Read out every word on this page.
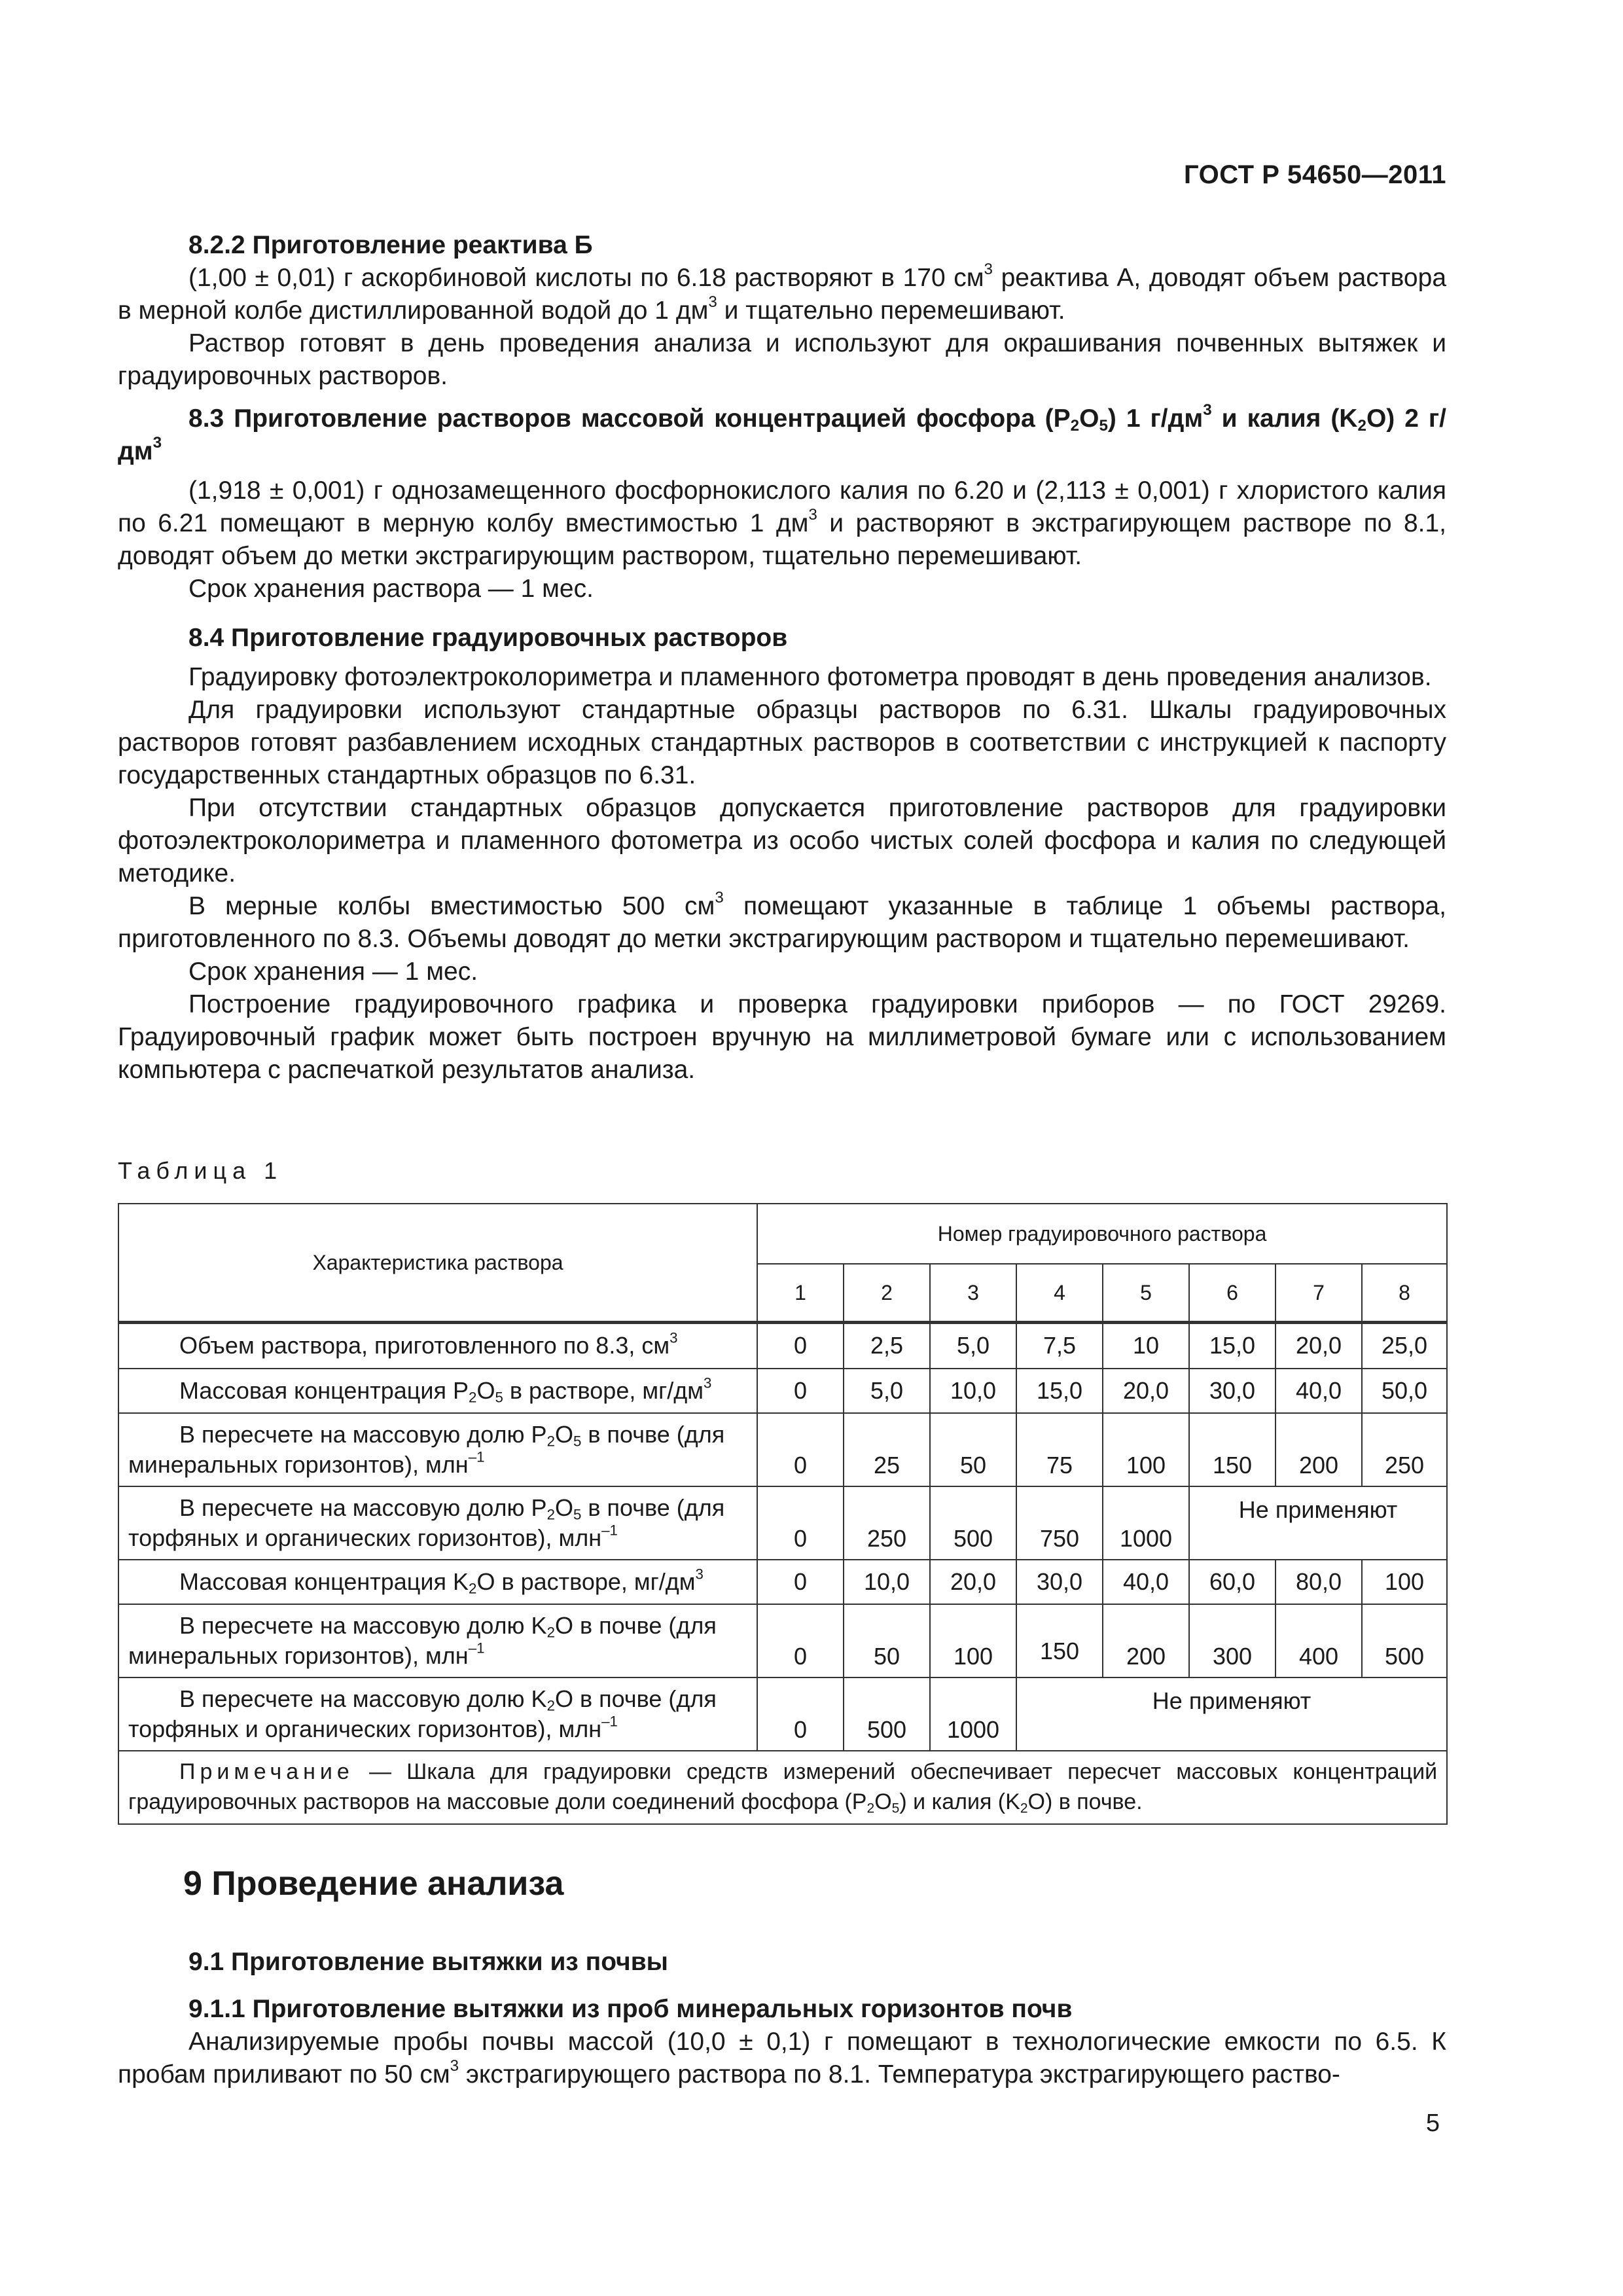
ГОСТ Р 54650—2011

8.2.2 Приготовление реактива Б

(1,00 ± 0,01) г аскорбиновой кислоты по 6.18 растворяют в 170 $см^3$ реактива А, доводят объем раствора в мерной колбе дистиллированной водой до 1 $дм^3$ и тщательно перемешивают.

Раствор готовят в день проведения анализа и используют для окрашивания почвенных вытяжек и градуировочных растворов.

8.3 Приготовление растворов массовой концентрацией фосфора $(P_2O_5)$ 1 $г/дм^3$ и калия $(K_2O)$ 2 $г/дм^3$

(1,918 ± 0,001) г однозамещенного фосфорнокислого калия по 6.20 и (2,113 ± 0,001) г хлористого калия по 6.21 помещают в мерную колбу вместимостью 1 $дм^3$ и растворяют в экстрагирующем растворе по 8.1, доводят объем до метки экстрагирующим раствором, тщательно перемешивают.

Срок хранения раствора — 1 мес.

8.4 Приготовление градуировочных растворов

Градуировку фотоэлектроколориметра и пламенного фотометра проводят в день проведения анализов.

Для градуировки используют стандартные образцы растворов по 6.31. Шкалы градуировочных растворов готовят разбавлением исходных стандартных растворов в соответствии с инструкцией к паспорту государственных стандартных образцов по 6.31.

При отсутствии стандартных образцов допускается приготовление растворов для градуировки фотоэлектроколориметра и пламенного фотометра из особо чистых солей фосфора и калия по следующей методике.

В мерные колбы вместимостью 500 $см^3$ помещают указанные в таблице 1 объемы раствора, приготовленного по 8.3. Объемы доводят до метки экстрагирующим раствором и тщательно перемешивают.

Срок хранения — 1 мес.

Построение градуировочного графика и проверка градуировки приборов — по ГОСТ 29269. Градуировочный график может быть построен вручную на миллиметровой бумаге или с использованием компьютера с распечаткой результатов анализа.

Таблица 1
Характеристика раствора	Номер градуировочного раствора							
	1	2	3	4	5	6	7	8
Объем раствора, приготовленного по 8.3, $см^3$	0	2,5	5,0	7,5	10	15,0	20,0	25,0
Массовая концентрация $P_2O_5$ в растворе, $мг/дм^3$	0	5,0	10,0	15,0	20,0	30,0	40,0	50,0
В пересчете на массовую долю $P_2O_5$ в почве (для минеральных горизонтов), млн$^{-1}$	0	25	50	75	100	150	200	250
В пересчете на массовую долю $P_2O_5$ в почве (для торфяных и органических горизонтов), млн$^{-1}$	0	250	500	750	1000	Не применяют		
Массовая концентрация $K_2O$ в растворе, $мг/дм^3$	0	10,0	20,0	30,0	40,0	60,0	80,0	100
В пересчете на массовую долю $K_2O$ в почве (для минеральных горизонтов), млн$^{-1}$	0	50	100	150	200	300	400	500
В пересчете на массовую долю $K_2O$ в почве (для торфяных и органических горизонтов), млн$^{-1}$	0	500	1000	Не применяют				
Примечание — Шкала для градуировки средств измерений обеспечивает пересчет массовых концентраций градуировочных растворов на массовые доли соединений фосфора $(P_2O_5)$ и калия $(K_2O)$ в почве.								
9 Проведение анализа

9.1 Приготовление вытяжки из почвы

9.1.1 Приготовление вытяжки из проб минеральных горизонтов почв

Анализируемые пробы почвы массой (10,0 ± 0,1) г помещают в технологические емкости по 6.5. К пробам приливают по 50 $см^3$ экстрагирующего раствора по 8.1. Температура экстрагирующего раство-

5
